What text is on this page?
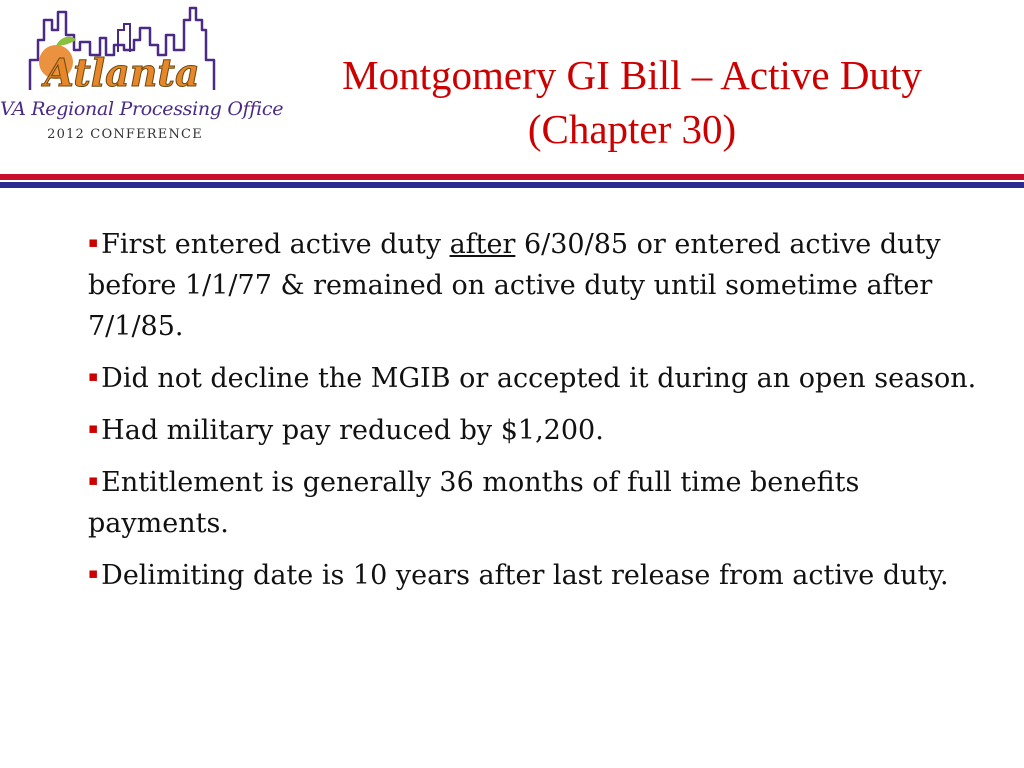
Atlanta
VA Regional Processing Office
2012 CONFERENCE
Montgomery GI Bill – Active Duty
(Chapter 30)
▪ First entered active duty after 6/30/85 or entered active duty before 1/1/77 & remained on active duty until sometime after 7/1/85.
▪ Did not decline the MGIB or accepted it during an open season.
▪ Had military pay reduced by $1,200.
▪ Entitlement is generally 36 months of full time benefits payments.
▪ Delimiting date is 10 years after last release from active duty.
